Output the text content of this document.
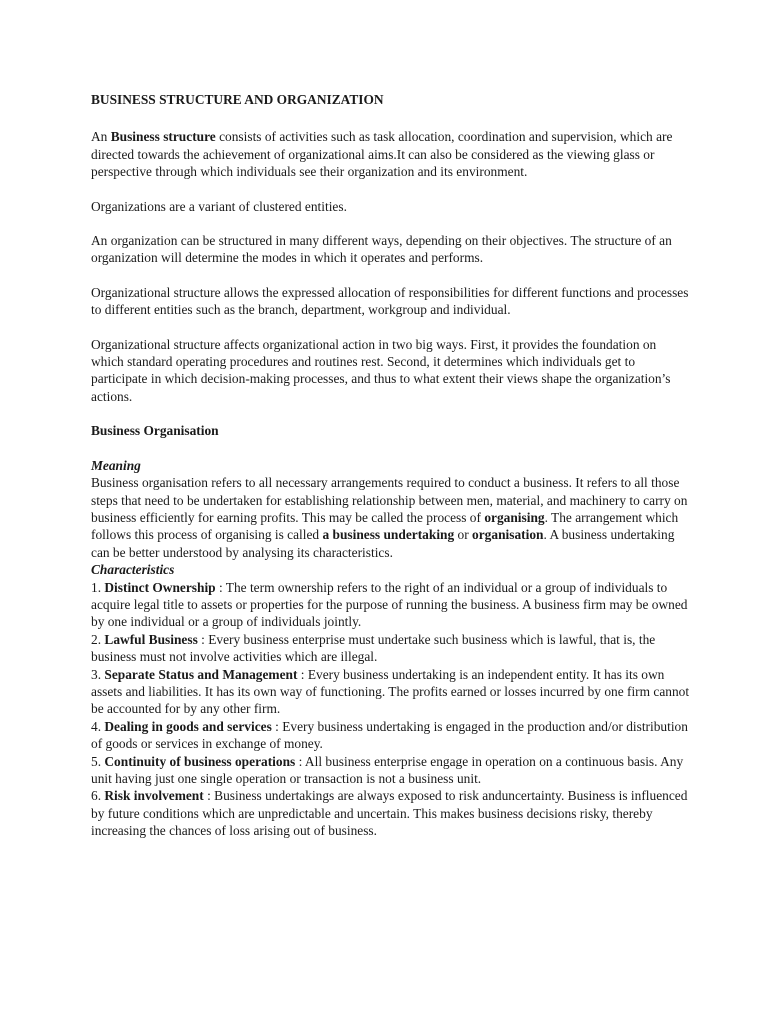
BUSINESS STRUCTURE AND ORGANIZATION

An Business structure consists of activities such as task allocation, coordination and supervision, which are directed towards the achievement of organizational aims.It can also be considered as the viewing glass or perspective through which individuals see their organization and its environment.

Organizations are a variant of clustered entities.

An organization can be structured in many different ways, depending on their objectives. The structure of an organization will determine the modes in which it operates and performs.

Organizational structure allows the expressed allocation of responsibilities for different functions and processes to different entities such as the branch, department, workgroup and individual.

Organizational structure affects organizational action in two big ways. First, it provides the foundation on which standard operating procedures and routines rest. Second, it determines which individuals get to participate in which decision-making processes, and thus to what extent their views shape the organization’s actions.

Business Organisation
Meaning

Business organisation refers to all necessary arrangements required to conduct a business. It refers to all those steps that need to be undertaken for establishing relationship between men, material, and machinery to carry on business efficiently for earning profits. This may be called the process of organising. The arrangement which follows this process of organising is called a business undertaking or organisation. A business undertaking can be better understood by analysing its characteristics.

Characteristics
1. Distinct Ownership : The term ownership refers to the right of an individual or a group of individuals to acquire legal title to assets or properties for the purpose of running the business. A business firm may be owned by one individual or a group of individuals jointly.
2. Lawful Business : Every business enterprise must undertake such business which is lawful, that is, the business must not involve activities which are illegal.
3. Separate Status and Management : Every business undertaking is an independent entity. It has its own assets and liabilities. It has its own way of functioning. The profits earned or losses incurred by one firm cannot be accounted for by any other firm.
4. Dealing in goods and services : Every business undertaking is engaged in the production and/or distribution of goods or services in exchange of money.
5. Continuity of business operations : All business enterprise engage in operation on a continuous basis. Any unit having just one single operation or transaction is not a business unit.
6. Risk involvement : Business undertakings are always exposed to risk anduncertainty. Business is influenced by future conditions which are unpredictable and uncertain. This makes business decisions risky, thereby increasing the chances of loss arising out of business.
